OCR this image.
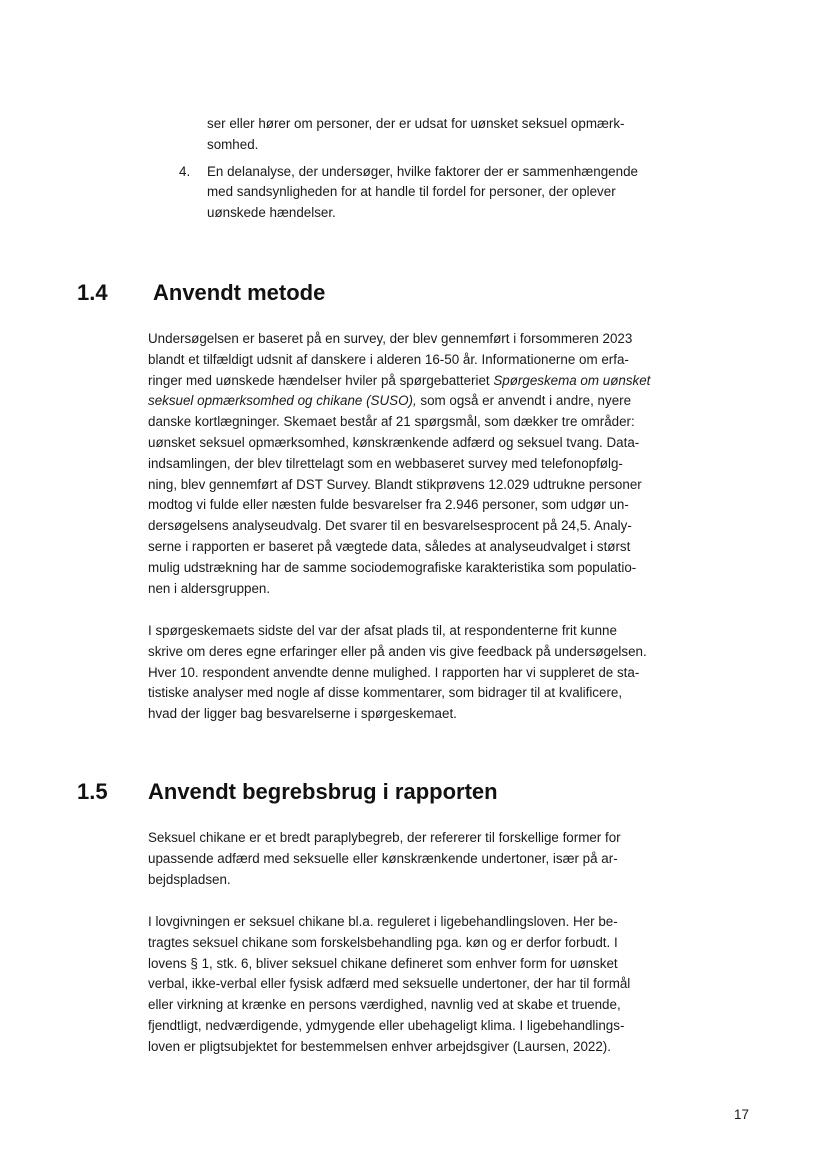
ser eller hører om personer, der er udsat for uønsket seksuel opmærk-
somhed.
4. En delanalyse, der undersøger, hvilke faktorer der er sammenhængende
med sandsynligheden for at handle til fordel for personer, der oplever
uønskede hændelser.
1.4 Anvendt metode
Undersøgelsen er baseret på en survey, der blev gennemført i forsommeren 2023
blandt et tilfældigt udsnit af danskere i alderen 16-50 år. Informationerne om erfa-
ringer med uønskede hændelser hviler på spørgebatteriet Spørgeskema om uønsket
seksuel opmærksomhed og chikane (SUSO), som også er anvendt i andre, nyere
danske kortlægninger. Skemaet består af 21 spørgsmål, som dækker tre områder:
uønsket seksuel opmærksomhed, kønskrænkende adfærd og seksuel tvang. Data-
indsamlingen, der blev tilrettelagt som en webbaseret survey med telefonopfølg-
ning, blev gennemført af DST Survey. Blandt stikprøvens 12.029 udtrukne personer
modtog vi fulde eller næsten fulde besvarelser fra 2.946 personer, som udgør un-
dersøgelsens analyseudvalg. Det svarer til en besvarelsesprocent på 24,5. Analy-
serne i rapporten er baseret på vægtede data, således at analyseudvalget i størst
mulig udstrækning har de samme sociodemografiske karakteristika som populatio-
nen i aldersgruppen.
I spørgeskemaets sidste del var der afsat plads til, at respondenterne frit kunne
skrive om deres egne erfaringer eller på anden vis give feedback på undersøgelsen.
Hver 10. respondent anvendte denne mulighed. I rapporten har vi suppleret de sta-
tistiske analyser med nogle af disse kommentarer, som bidrager til at kvalificere,
hvad der ligger bag besvarelserne i spørgeskemaet.
1.5 Anvendt begrebsbrug i rapporten
Seksuel chikane er et bredt paraplybegreb, der refererer til forskellige former for
upassende adfærd med seksuelle eller kønskrænkende undertoner, især på ar-
bejdspladsen.
I lovgivningen er seksuel chikane bl.a. reguleret i ligebehandlingsloven. Her be-
tragtes seksuel chikane som forskelsbehandling pga. køn og er derfor forbudt. I
lovens § 1, stk. 6, bliver seksuel chikane defineret som enhver form for uønsket
verbal, ikke-verbal eller fysisk adfærd med seksuelle undertoner, der har til formål
eller virkning at krænke en persons værdighed, navnlig ved at skabe et truende,
fjendtligt, nedværdigende, ydmygende eller ubehageligt klima. I ligebehandlings-
loven er pligtsubjektet for bestemmelsen enhver arbejdsgiver (Laursen, 2022).
17
